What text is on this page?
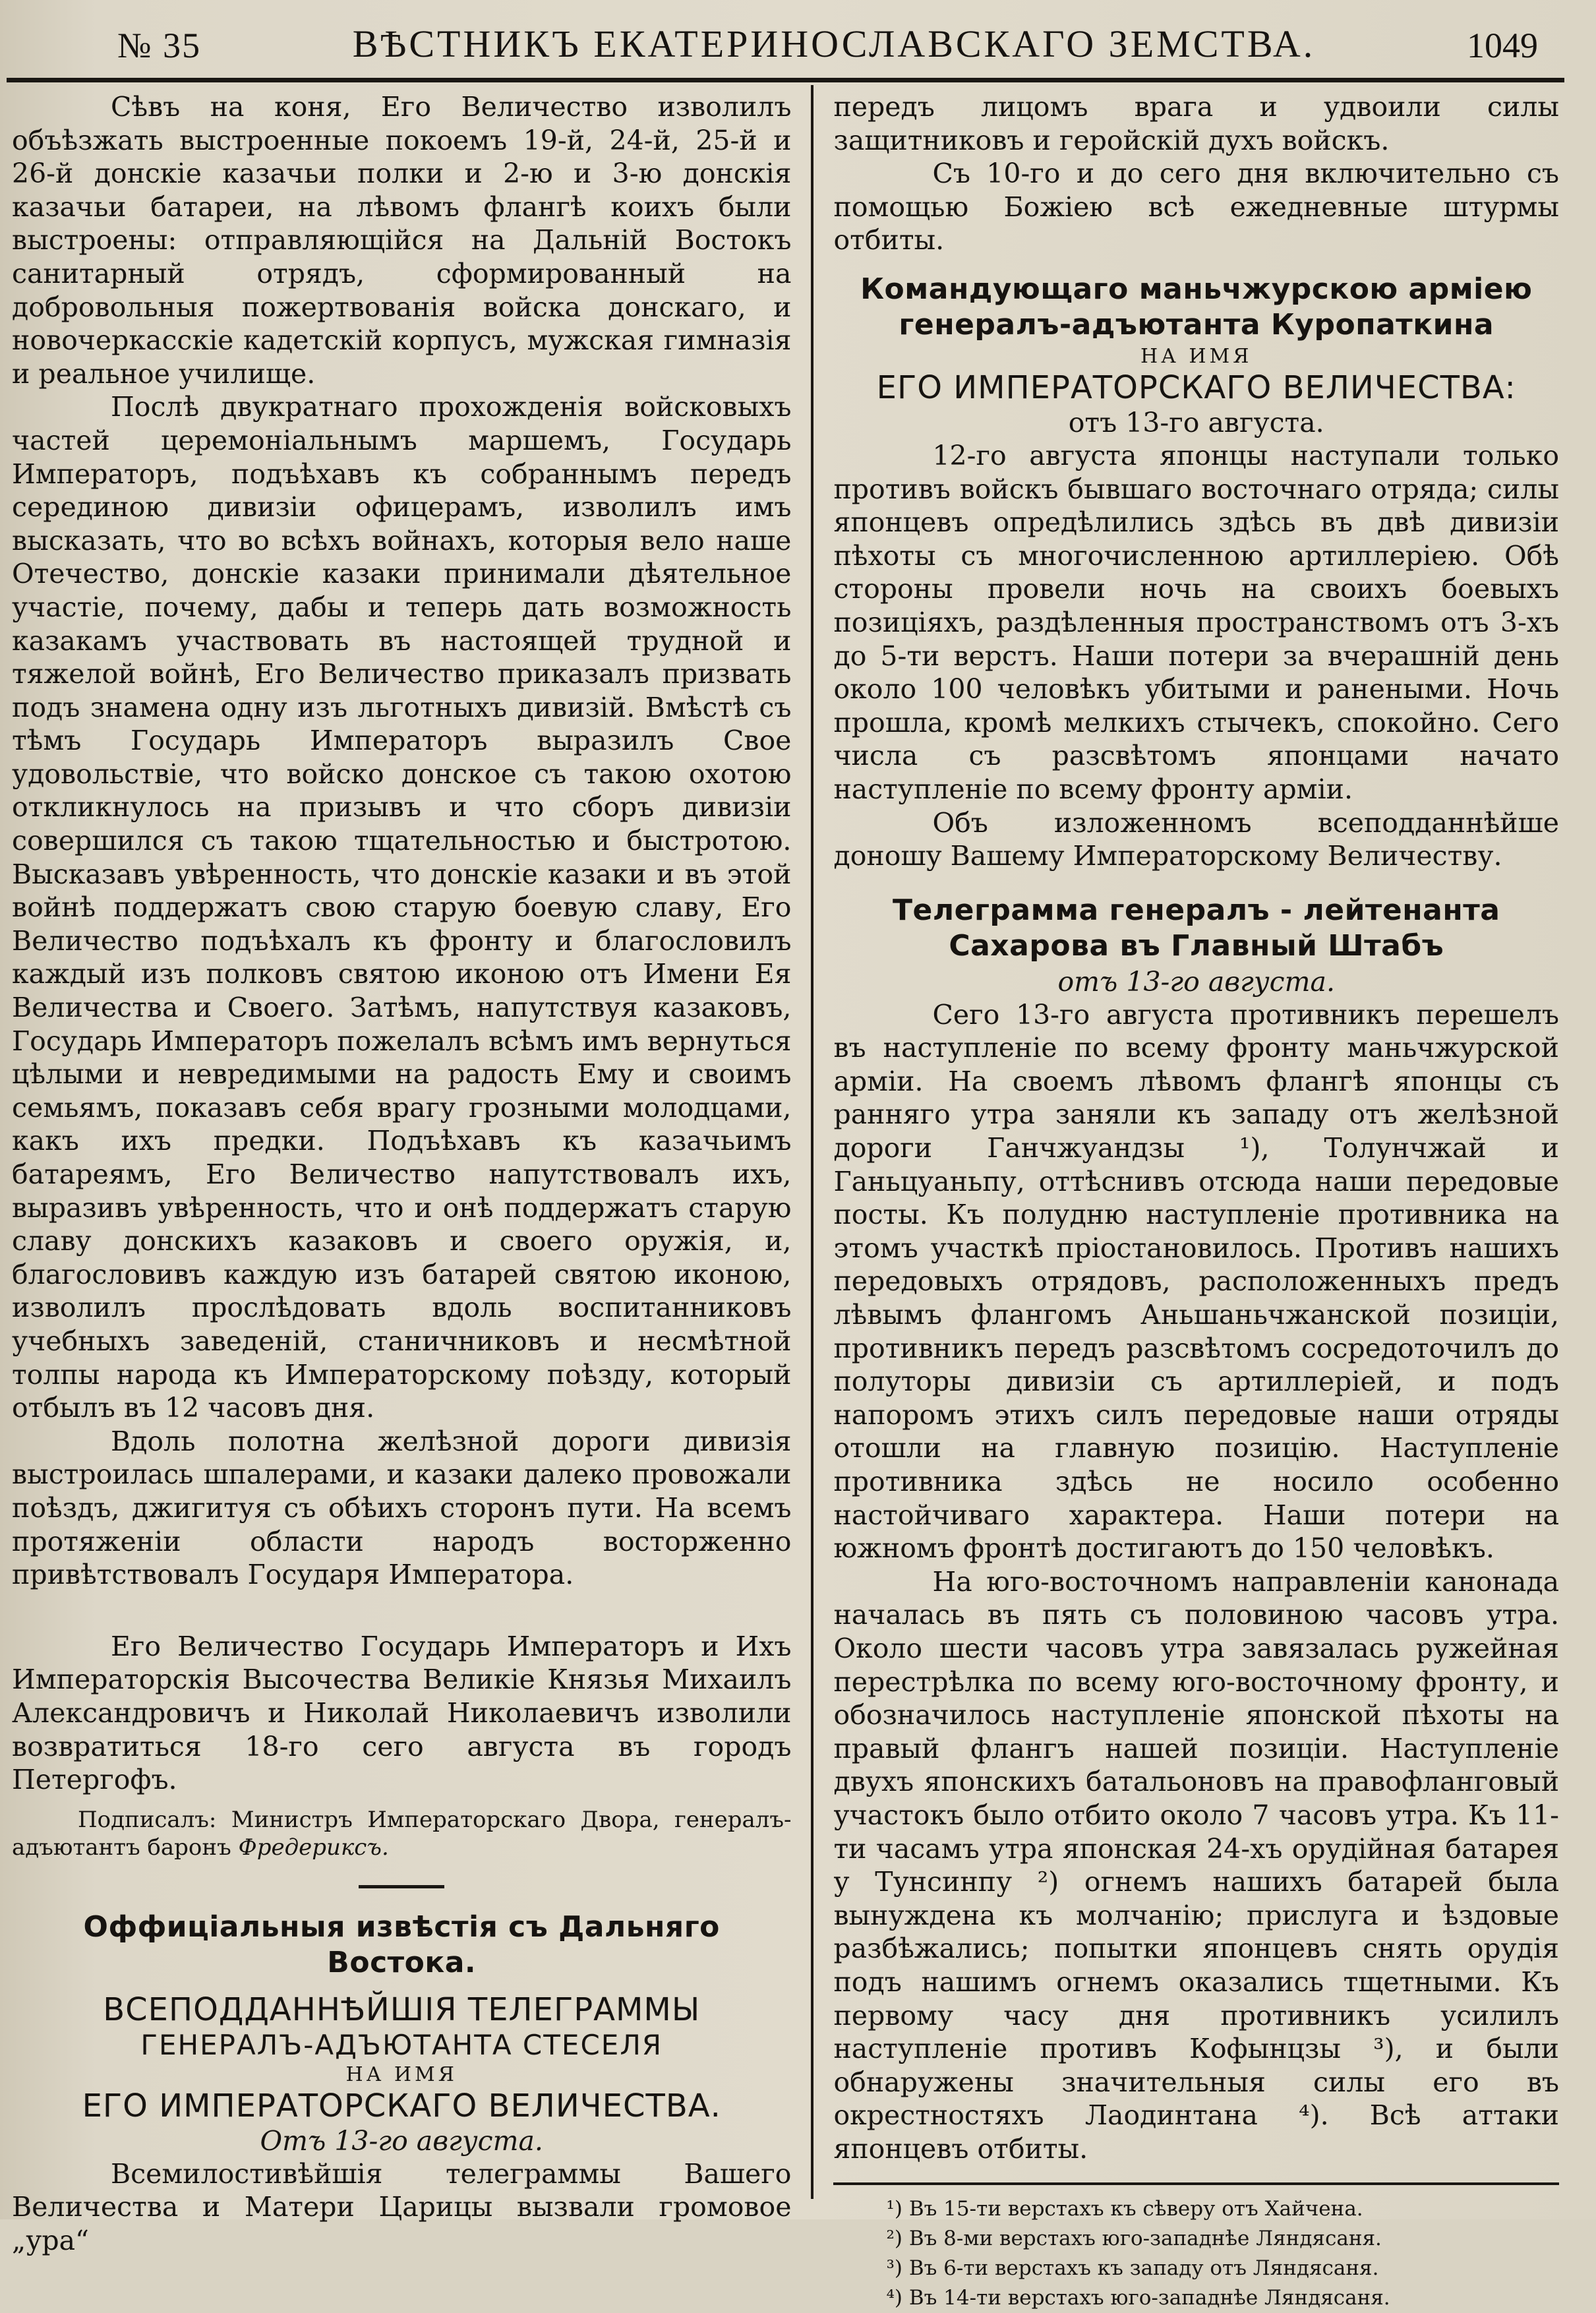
№ 35	ВѢСТНИКЪ ЕКАТЕРИНОСЛАВСКАГО ЗЕМСТВА.	1049

Сѣвъ на коня, Его Величество изволилъ объѣзжать выстроенные покоемъ 19-й, 24-й, 25-й и 26-й донскіе казачьи полки и 2-ю и 3-ю донскія казачьи батареи, на лѣвомъ флангѣ коихъ были выстроены: отправляющійся на Дальній Востокъ санитарный отрядъ, сформированный на добровольныя пожертвованія войска донскаго, и новочеркасскіе кадетскій корпусъ, мужская гимназія и реальное училище.

Послѣ двукратнаго прохожденія войсковыхъ частей церемоніальнымъ маршемъ, Государь Императоръ, подъѣхавъ къ собраннымъ передъ серединою дивизіи офицерамъ, изволилъ имъ высказать, что во всѣхъ войнахъ, которыя вело наше Отечество, донскіе казаки принимали дѣятельное участіе, почему, дабы и теперь дать возможность казакамъ участвовать въ настоящей трудной и тяжелой войнѣ, Его Величество приказалъ призвать подъ знамена одну изъ льготныхъ дивизій. Вмѣстѣ съ тѣмъ Государь Императоръ выразилъ Свое удовольствіе, что войско донское съ такою охотою откликнулось на призывъ и что сборъ дивизіи совершился съ такою тщательностью и быстротою. Высказавъ увѣренность, что донскіе казаки и въ этой войнѣ поддержатъ свою старую боевую славу, Его Величество подъѣхалъ къ фронту и благословилъ каждый изъ полковъ святою иконою отъ Имени Ея Величества и Своего. Затѣмъ, напутствуя казаковъ, Государь Императоръ пожелалъ всѣмъ имъ вернуться цѣлыми и невредимыми на радость Ему и своимъ семьямъ, показавъ себя врагу грозными молодцами, какъ ихъ предки. Подъѣхавъ къ казачьимъ батареямъ, Его Величество напутствовалъ ихъ, выразивъ увѣренность, что и онѣ поддержатъ старую славу донскихъ казаковъ и своего оружія, и, благословивъ каждую изъ батарей святою иконою, изволилъ прослѣдовать вдоль воспитанниковъ учебныхъ заведеній, станичниковъ и несмѣтной толпы народа къ Императорскому поѣзду, который отбылъ въ 12 часовъ дня.

Вдоль полотна желѣзной дороги дивизія выстроилась шпалерами, и казаки далеко провожали поѣздъ, джигитуя съ обѣихъ сторонъ пути. На всемъ протяженіи области народъ восторженно привѣтствовалъ Государя Императора.

Его Величество Государь Императоръ и Ихъ Императорскія Высочества Великіе Князья Михаилъ Александровичъ и Николай Николаевичъ изволили возвратиться 18-го сего августа въ городъ Петергофъ.

Подписалъ: Министръ Императорскаго Двора, генералъ-адъютантъ баронъ Фредериксъ.

Оффиціальныя извѣстія съ Дальняго Востока.
ВСЕПОДДАННѢЙШІЯ ТЕЛЕГРАММЫ
ГЕНЕРАЛЪ-АДЪЮТАНТА СТЕСЕЛЯ
НА ИМЯ
ЕГО ИМПЕРАТОРСКАГО ВЕЛИЧЕСТВА.
Отъ 13-го августа.

Всемилостивѣйшія телеграммы Вашего Величества и Матери Царицы вызвали громовое „ура“

передъ лицомъ врага и удвоили силы защитниковъ и геройскій духъ войскъ.

Съ 10-го и до сего дня включительно съ помощью Божіею всѣ ежедневные штурмы отбиты.

Командующаго маньчжурскою арміею генералъ-адъютанта Куропаткина
НА ИМЯ
ЕГО ИМПЕРАТОРСКАГО ВЕЛИЧЕСТВА:
отъ 13-го августа.

12-го августа японцы наступали только противъ войскъ бывшаго восточнаго отряда; силы японцевъ опредѣлились здѣсь въ двѣ дивизіи пѣхоты съ многочисленною артиллеріею. Обѣ стороны провели ночь на своихъ боевыхъ позиціяхъ, раздѣленныя пространствомъ отъ 3-хъ до 5-ти верстъ. Наши потери за вчерашній день около 100 человѣкъ убитыми и ранеными. Ночь прошла, кромѣ мелкихъ стычекъ, спокойно. Сего числа съ разсвѣтомъ японцами начато наступленіе по всему фронту арміи.

Объ изложенномъ всеподданнѣйше доношу Вашему Императорскому Величеству.

Телеграмма генералъ - лейтенанта Сахарова въ Главный Штабъ
отъ 13-го августа.

Сего 13-го августа противникъ перешелъ въ наступленіе по всему фронту маньчжурской арміи. На своемъ лѣвомъ флангѣ японцы съ ранняго утра заняли къ западу отъ желѣзной дороги Ганчжуандзы ¹), Толунчжай и Ганьцуаньпу, оттѣснивъ отсюда наши передовые посты. Къ полудню наступленіе противника на этомъ участкѣ пріостановилось. Противъ нашихъ передовыхъ отрядовъ, расположенныхъ предъ лѣвымъ флангомъ Аньшаньчжанской позиціи, противникъ передъ разсвѣтомъ сосредоточилъ до полуторы дивизіи съ артиллеріей, и подъ напоромъ этихъ силъ передовые наши отряды отошли на главную позицію. Наступленіе противника здѣсь не носило особенно настойчиваго характера. Наши потери на южномъ фронтѣ достигаютъ до 150 человѣкъ.

На юго-восточномъ направленіи канонада началась въ пять съ половиною часовъ утра. Около шести часовъ утра завязалась ружейная перестрѣлка по всему юго-восточному фронту, и обозначилось наступленіе японской пѣхоты на правый флангъ нашей позиціи. Наступленіе двухъ японскихъ батальоновъ на правофланговый участокъ было отбито около 7 часовъ утра. Къ 11-ти часамъ утра японская 24-хъ орудійная батарея у Тунсинпу ²) огнемъ нашихъ батарей была вынуждена къ молчанію; прислуга и ѣздовые разбѣжались; попытки японцевъ снять орудія подъ нашимъ огнемъ оказались тщетными. Къ первому часу дня противникъ усилилъ наступленіе противъ Кофынцзы ³), и были обнаружены значительныя силы его въ окрестностяхъ Лаодинтана ⁴). Всѣ аттаки японцевъ отбиты.

¹) Въ 15-ти верстахъ къ сѣверу отъ Хайчена.
²) Въ 8-ми верстахъ юго-западнѣе Ляндясаня.
³) Въ 6-ти верстахъ къ западу отъ Ляндясаня.
⁴) Въ 14-ти верстахъ юго-западнѣе Ляндясаня.
